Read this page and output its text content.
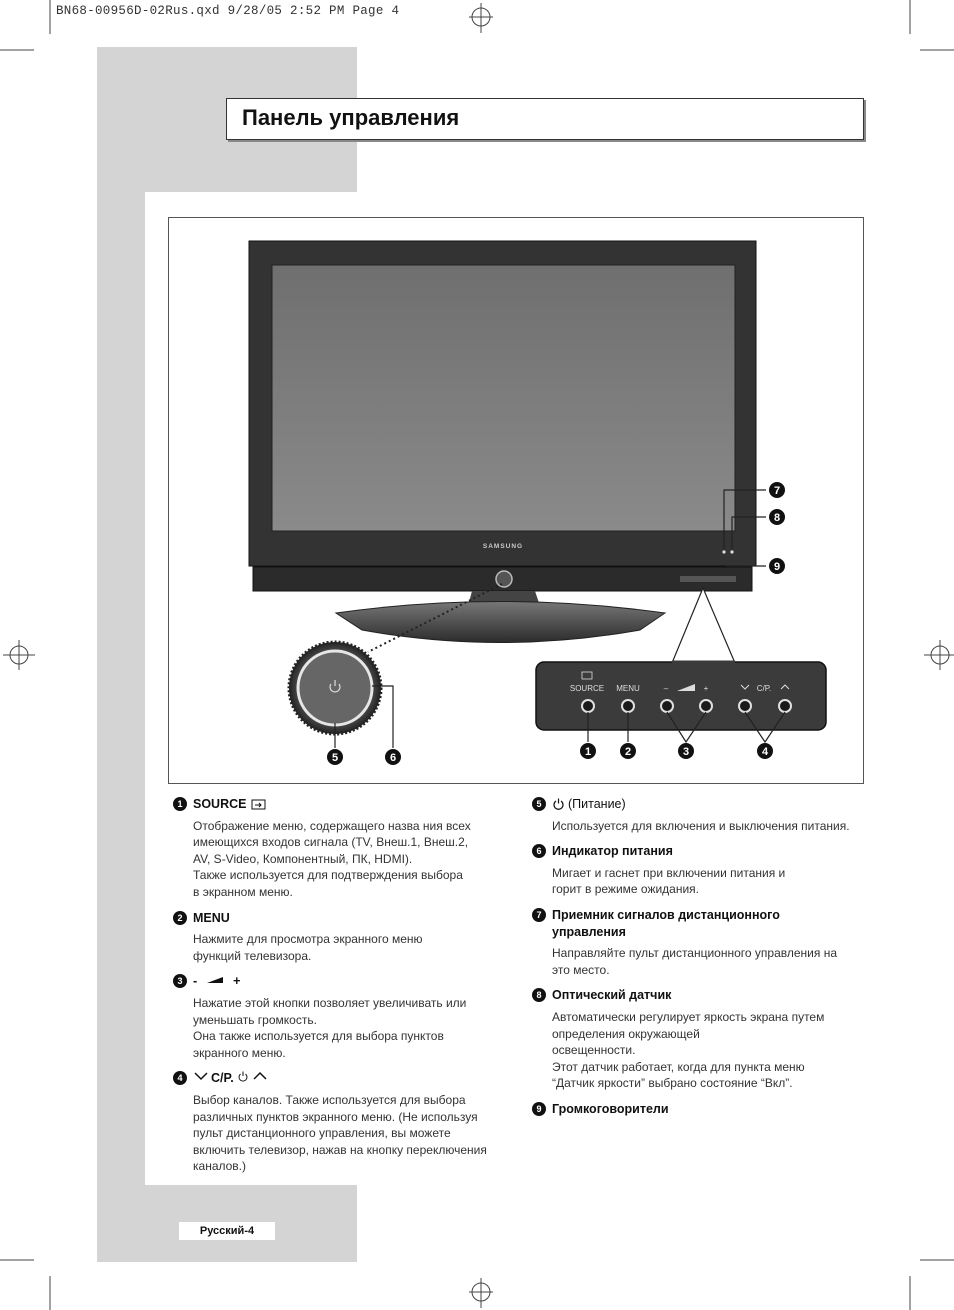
BN68-00956D-02Rus.qxd 9/28/05 2:52 PM Page 4
Панель управления
SAMSUNG
SOURCE MENU	–	+	C/P.
1	2	3	4
5	6
7
8
9
1 SOURCE
Отображение меню, содержащего назва ния всех
имеющихся входов сигнала (TV, Внеш.1, Внеш.2,
AV, S-Video, Компонентный, ПК, HDMI).
Также используется для подтверждения выбора
в экранном меню.
2 MENU
Нажмите для просмотра экранного меню
функций телевизора.
3 -	+
Нажатие этой кнопки позволяет увеличивать или
уменьшать громкость.
Она также используется для выбора пунктов
экранного меню.
4	C/P.
Выбор каналов. Также используется для выбора
различных пунктов экранного меню. (Не используя
пульт дистанционного управления, вы можете
включить телевизор, нажав на кнопку переключения
каналов.)
5	(Питание)
Используется для включения и выключения питания.
6 Индикатор питания
Мигает и гаснет при включении питания и
горит в режиме ожидания.
7 Приемник сигналов дистанционного
управления
Направляйте пульт дистанционного управления на
это место.
8 Оптический датчик
Автоматически регулирует яркость экрана путем
определения окружающей
освещенности.
Этот датчик работает, когда для пункта меню
“Датчик яркости” выбрано состояние “Вкл”.
9 Громкоговорители
Русский-4
